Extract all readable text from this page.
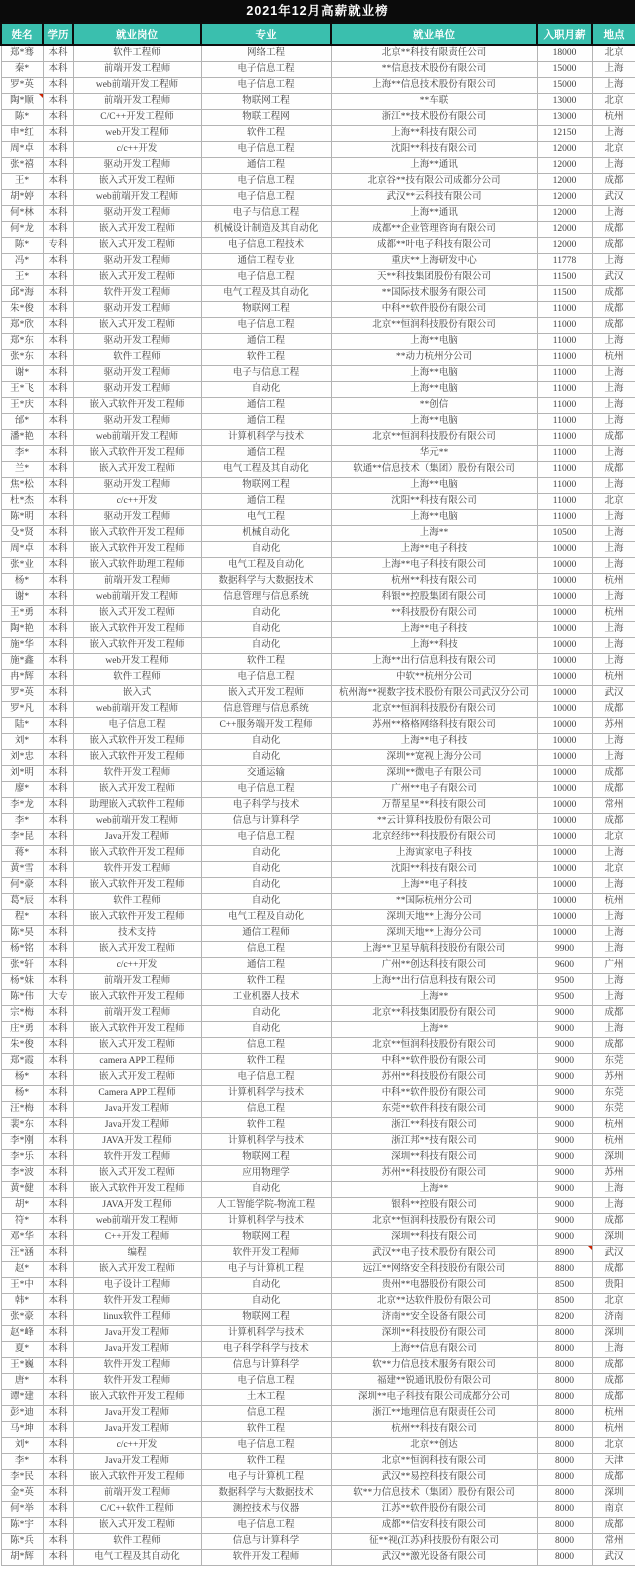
2021年12月高薪就业榜
姓名	学历	就业岗位	专业	就业单位	入职月薪	地点
郑*骞	本科	软件工程师	网络工程	北京**科技有限责任公司	18000	北京
秦*	本科	前端开发工程师	电子信息工程	**信息技术股份有限公司	15000	上海
罗*英	本科	web前端开发工程师	电子信息工程	上海**信息技术股份有限公司	15000	上海
陶*顺	本科	前端开发工程师	物联网工程	**车联	13000	北京
陈*	本科	C/C++开发工程师	物联工程网	浙江**技术股份有限公司	13000	杭州
申*红	本科	web开发工程师	软件工程	上海**科技有限公司	12150	上海
周*卓	本科	c/c++开发	电子信息工程	沈阳**科技有限公司	12000	北京
张*禧	本科	驱动开发工程师	通信工程	上海**通讯	12000	上海
王*	本科	嵌入式开发工程师	电子信息工程	北京谷**技有限公司成都分公司	12000	成都
胡*婷	本科	web前端开发工程师	电子信息工程	武汉**云科技有限公司	12000	武汉
何*林	本科	驱动开发工程师	电子与信息工程	上海**通讯	12000	上海
何*龙	本科	嵌入式开发工程师	机械设计制造及其自动化	成都**企业管理咨询有限公司	12000	成都
陈*	专科	嵌入式开发工程师	电子信息工程技术	成都**叶电子科技有限公司	12000	成都
冯*	本科	驱动开发工程师	通信工程专业	重庆**上海研发中心	11778	上海
王*	本科	嵌入式开发工程师	电子信息工程	天**科技集团股份有限公司	11500	武汉
邱*海	本科	软件开发工程师	电气工程及其自动化	**国际技术服务有限公司	11500	成都
朱*俊	本科	驱动开发工程师	物联网工程	中科**软件股份有限公司	11000	成都
郑*欣	本科	嵌入式开发工程师	电子信息工程	北京**恒润科技股份有限公司	11000	成都
郑*东	本科	驱动开发工程师	通信工程	上海**电脑	11000	上海
张*东	本科	软件工程师	软件工程	**动力杭州分公司	11000	杭州
谢*	本科	驱动开发工程师	电子与信息工程	上海**电脑	11000	上海
王*飞	本科	驱动开发工程师	自动化	上海**电脑	11000	上海
王*庆	本科	嵌入式软件开发工程师	通信工程	**创信	11000	上海
邰*	本科	驱动开发工程师	通信工程	上海**电脑	11000	上海
潘*艳	本科	web前端开发工程师	计算机科学与技术	北京**恒润科技股份有限公司	11000	成都
李*	本科	嵌入式软件开发工程师	通信工程	华元**	11000	上海
兰*	本科	嵌入式开发工程师	电气工程及其自动化	软通**信息技术（集团）股份有限公司	11000	成都
焦*松	本科	驱动开发工程师	物联网工程	上海**电脑	11000	上海
杜*杰	本科	c/c++开发	通信工程	沈阳**科技有限公司	11000	北京
陈*明	本科	驱动开发工程师	电气工程	上海**电脑	11000	上海
殳*贤	本科	嵌入式软件开发工程师	机械自动化	上海**	10500	上海
周*卓	本科	嵌入式软件开发工程师	自动化	上海**电子科技	10000	上海
张*业	本科	嵌入式软件助理工程师	电气工程及自动化	上海**电子科技有限公司	10000	上海
杨*	本科	前端开发工程师	数据科学与大数据技术	杭州**科技有限公司	10000	杭州
谢*	本科	web前端开发工程师	信息管理与信息系统	科银**控股集团有限公司	10000	上海
王*勇	本科	嵌入式开发工程师	自动化	**科技股份有限公司	10000	杭州
陶*艳	本科	嵌入式软件开发工程师	自动化	上海**电子科技	10000	上海
施*华	本科	嵌入式软件开发工程师	自动化	上海**科技	10000	上海
施*鑫	本科	web开发工程师	软件工程	上海**出行信息科技有限公司	10000	上海
冉*辉	本科	软件工程师	电子信息工程	中软**杭州分公司	10000	杭州
罗*英	本科	嵌入式	嵌入式开发工程师	杭州海**视数字技术股份有限公司武汉分公司	10000	武汉
罗*凡	本科	web前端开发工程师	信息管理与信息系统	北京**恒润科技股份有限公司	10000	成都
陆*	本科	电子信息工程	C++服务端开发工程师	苏州**格格网络科技有限公司	10000	苏州
刘*	本科	嵌入式软件开发工程师	自动化	上海**电子科技	10000	上海
刘*忠	本科	嵌入式软件开发工程师	自动化	深圳**宽视上海分公司	10000	上海
刘*明	本科	软件开发工程师	交通运输	深圳**微电子有限公司	10000	成都
廖*	本科	嵌入式开发工程师	电子信息工程	广州**电子有限公司	10000	成都
李*龙	本科	助理嵌入式软件工程师	电子科学与技术	万帮星星**科技有限公司	10000	常州
李*	本科	web前端开发工程师	信息与计算科学	**云计算科技股份有限公司	10000	成都
李*昆	本科	Java开发工程师	电子信息工程	北京经纬**科技股份有限公司	10000	北京
蒋*	本科	嵌入式软件开发工程师	自动化	上海寅家电子科技	10000	上海
黄*雪	本科	软件开发工程师	自动化	沈阳**科技有限公司	10000	北京
何*豪	本科	嵌入式软件开发工程师	自动化	上海**电子科技	10000	上海
葛*辰	本科	软件工程师	自动化	**国际杭州分公司	10000	杭州
程*	本科	嵌入式软件开发工程师	电气工程及自动化	深圳天地**上海分公司	10000	上海
陈*昊	本科	技术支持	通信工程师	深圳天地**上海分公司	10000	上海
杨*铭	本科	嵌入式开发工程师	信息工程	上海**卫星导航科技股份有限公司	9900	上海
张*轩	本科	c/c++开发	通信工程	广州**创达科技有限公司	9600	广州
杨*妹	本科	前端开发工程师	软件工程	上海**出行信息科技有限公司	9500	上海
陈*伟	大专	嵌入式软件开发工程师	工业机器人技术	上海**	9500	上海
宗*梅	本科	前端开发工程师	自动化	北京**科技集团股份有限公司	9000	成都
庄*勇	本科	嵌入式软件开发工程师	自动化	上海**	9000	上海
朱*俊	本科	嵌入式开发工程师	信息工程	北京**恒润科技股份有限公司	9000	成都
郑*霞	本科	camera APP工程师	软件工程	中科**软件股份有限公司	9000	东莞
杨*	本科	嵌入式开发工程师	电子信息工程	苏州**科技股份有限公司	9000	苏州
杨*	本科	Camera APP工程师	计算机科学与技术	中科**软件股份有限公司	9000	东莞
汪*梅	本科	Java开发工程师	信息工程	东莞**软件科技有限公司	9000	东莞
裴*东	本科	Java开发工程师	软件工程	浙江**科技有限公司	9000	杭州
李*刚	本科	JAVA开发工程师	计算机科学与技术	浙江邦**技有限公司	9000	杭州
李*乐	本科	软件开发工程师	物联网工程	深圳**科技有限公司	9000	深圳
李*波	本科	嵌入式开发工程师	应用物理学	苏州**科技股份有限公司	9000	苏州
黄*健	本科	嵌入式软件开发工程师	自动化	上海**	9000	上海
胡*	本科	JAVA开发工程师	人工智能学院-物流工程	银科**控股有限公司	9000	上海
符*	本科	web前端开发工程师	计算机科学与技术	北京**恒润科技股份有限公司	9000	成都
邓*华	本科	C++开发工程师	物联网工程	深圳**科技有限公司	9000	深圳
汪*涵	本科	编程	软件开发工程师	武汉**电子技术股份有限公司	8900	武汉
赵*	本科	嵌入式开发工程师	电子与计算机工程	远江**网络安全科技股份有限公司	8800	成都
王*中	本科	电子设计工程师	自动化	贵州**电器股份有限公司	8500	贵阳
韩*	本科	软件开发工程师	自动化	北京**达软件股份有限公司	8500	北京
张*豪	本科	linux软件工程师	物联网工程	济南**安全设备有限公司	8200	济南
赵*峰	本科	Java开发工程师	计算机科学与技术	深圳**科技股份有限公司	8000	深圳
夏*	本科	Java开发工程师	电子科学科学与技术	上海**信息有限公司	8000	上海
王*巍	本科	软件开发工程师	信息与计算科学	软**力信息技术服务有限公司	8000	成都
唐*	本科	软件开发工程师	电子信息工程	福建**锐通讯股份有限公司	8000	成都
谭*建	本科	嵌入式软件开发工程师	土木工程	深圳**电子科技有限公司成都分公司	8000	成都
彭*迪	本科	Java开发工程师	信息工程	浙江**地理信息有限责任公司	8000	杭州
马*坤	本科	Java开发工程师	软件工程	杭州**科技有限公司	8000	杭州
刘*	本科	c/c++开发	电子信息工程	北京**创达	8000	北京
李*	本科	Java开发工程师	软件工程	北京**恒润科技有限公司	8000	天津
李*民	本科	嵌入式软件开发工程师	电子与计算机工程	武汉**易控科技有限公司	8000	成都
金*英	本科	前端开发工程师	数据科学与大数据技术	软**力信息技术（集团）股份有限公司	8000	深圳
何*举	本科	C/C++软件工程师	测控技术与仪器	江苏**软件股份有限公司	8000	南京
陈*宇	本科	嵌入式开发工程师	电子信息工程	成都**信安科技有限公司	8000	成都
陈*兵	本科	软件工程师	信息与计算科学	征**视(江苏)科技股份有限公司	8000	常州
胡*辉	本科	电气工程及其自动化	软件开发工程师	武汉**激光设备有限公司	8000	武汉
